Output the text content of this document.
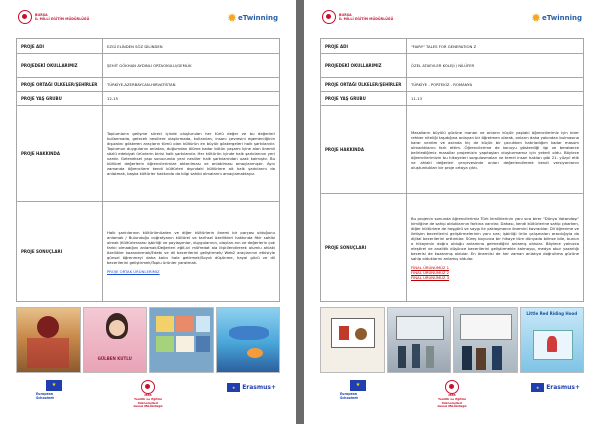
BURSA
İL MİLLİ EĞİTİM MÜDÜRLÜĞÜ	✹ eTwinning
PROJE ADI	EZGİ ELİNDEN SÖZ DİLİNDEN
PROJEDEKİ OKULLARIMIZ	ŞEHİT GÖKHAN AYDINLI ORTAOKULU/GEMLİK
PROJE ORTAĞI ÜLKELER/ŞEHİRLER	TÜRKİYE-AZERBAYCAN-HIRVATİSTAN
PROJE YAŞ GRUBU	12-15
PROJE HAKKINDA	Toplumların gelişme süreci içinde oluşturulan her türlü değer ve bu değerleri kullanmada, gelecek nesillere ulaştırmada, kullanılan, insanı çevresini egemenliğinin dışızalını gösteren araçların tümü olan kültürün en büyük göstergeleri halk şarkılarıdır. Toplumun duygularını anlatan, duğumdan ölüme kadar bütün yaşamı içine alan önemli sözlü edebiyat ürünlerin birisi halk şarkılarıdır. Her kültürün içinde halk şarkılarının yeri vardır. Geleneksel yapı sonucunda yeni nesiller halk şarkılarından uzak kalmıştır. Bu kültürel değerlerin öğrencilerimize aktarılması ve anlatılması amaçlanmıştır. Aynı zamanda öğrencilere kendi kültürleri dışındaki kültürlere ait halk şarkılarını da anlatmak, başka kültürler hakkında da bilgi sahibi olmalarını amaçlamaktayız.
PROJE SONUÇLARI	Halk şarkılarının kültürümüzden ve diğer kültürlerin önemi bir parçası olduğunu anlamak / Bulunduğu coğrafyanın kültürel ve tarihsel özellikleri hakkında fikir sahibi olmak /Kültürlerarası işbirliği ve paylaşımlar, duygularının, olayları-nın ve değerlerin çok farklı olmadığını anlamak/Değerleri eğit-ici müfredat ala ilişkilendirerek olumlu ahlaki özellikler kazandırmak/Edebi ve dil becerilerini geliştirmek/ Web2 araçlarının etkisiyle günsel öğrenmeyi daha kalıcı hale getirmek/Soyut düşünme, hayal gücü ve dil becerilerini geliştirmek/Toplu ürünler yaratmak.
PROJE ORTAK ÜRÜNLERİMİZ
GÜLBEN KUTLU
★
European
Schoolnet
MEB
Yenilik ve Eğitim Teknolojileri
Genel Müdürlüğü
★	Erasmus+
BURSA
İL MİLLİ EĞİTİM MÜDÜRLÜĞÜ	✹ eTwinning
PROJE ADI	"FAIRY" TALES FOR GENERATION Z
PROJEDEKİ OKULLARIMIZ	ÖZEL ATAEVLER KOLEJİ / NİLÜFER
PROJE ORTAĞI ÜLKELER/ŞEHİRLER	TÜRKİYE - PORTEKİZ - ROMANYA
PROJE YAŞ GRUBU	11-13
PROJE HAKKINDA	Masalların büyülü gücüne inanan ve onların küçük yaştaki öğrencilerimiz için birer rehber niteliği taşıdığına anlayan bir öğretmen olarak, onların daha yakından bulmasına karar verdim ve aslında hiç de küçük bir çocukken hatırladığım kadar masum olmadıklarını fark ettim. Öğrencilerime de konuyu gösterdiği ilgi ve beraberce belirlediğimiz masallar projemizin yapıtaşları oluşturmamız için yeterli oldu. Böylece öğrencilerimizin bu hikayeleri sorgulasmaları ve temel insan hakları gibi 21. yüzyıl etik ve ahlaki değerleri çerçevesinde onları değerlendirerek kendi versiyonlarını oluşturdukları bir proje ortaya çıktı.
PROJE SONUÇLARI	Bu projenin sonunda öğrencilerimiz Türk kimliklerinin yanı sıra birer "Dünya Vatandaşı" kimliğine de sahip olduklarının farkına varırlar. Dahası, kendi kültürlerine sahip çıkarken, diğer kültürlere de hoşgörü ve saygı ile yaklaşmanın önemini kavradılar. Dil öğrenme ve iletişim becerilerini geliştirmelerinin yanı sıra; işbirliği ürün çalışmaları aracılığıyla da dijital becerilerini arttırdılar. Süreç boyunca bir hikaye tüm dünyada bilinse bile, bunun o hikayenin doğru olduğu anlamına gelmediğini anlamış oldular. Böylece yalnızca eleştirel ve analitik düşünce becerilerini geliştirmekle kalmayıp, medya okur yazarlığı becerisi de kazanmış oldular. En önemlisi de her zaman anlatıya doğrultma gücüne sahip olduklarını anlamış oldular.
FİNAL ÜRÜNÜMÜZ 1
FİNAL ÜRÜNÜMÜZ 2
FİNAL ÜRÜNÜMÜZ 3
Little Red Riding Hood
★
European
Schoolnet
MEB
Yenilik ve Eğitim Teknolojileri
Genel Müdürlüğü
★	Erasmus+
